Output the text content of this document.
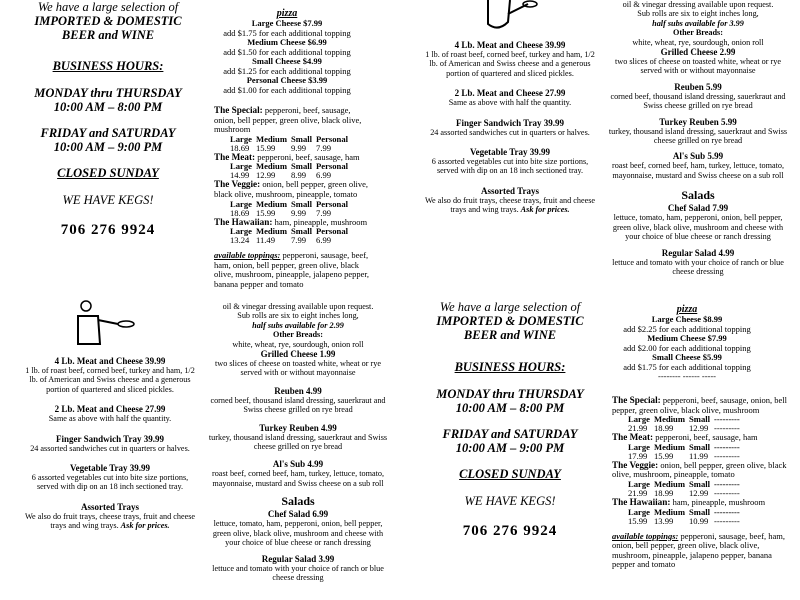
We have a large selection of
IMPORTED & DOMESTIC
BEER and WINE
BUSINESS HOURS:
MONDAY thru THURSDAY
10:00 AM – 8:00 PM
FRIDAY and SATURDAY
10:00 AM – 9:00 PM
CLOSED SUNDAY
WE HAVE KEGS!
706 276 9924
pizza
Large Cheese $7.99
add $1.75 for each additional topping
Medium Cheese $6.99
add $1.50 for each additional topping
Small Cheese $4.99
add $1.25 for each additional topping
Personal Cheese $3.99
add $1.00 for each additional topping
The Special: pepperoni, beef, sausage, onion, bell pepper, green olive, black olive, mushroom
Large	Medium	Small	Personal
18.69	15.99	9.99	7.99
The Meat: pepperoni, beef, sausage, ham
Large	Medium	Small	Personal
14.99	12.99	8.99	6.99
The Veggie: onion, bell pepper, green olive, black olive, mushroom, pineapple, tomato
Large	Medium	Small	Personal
18.69	15.99	9.99	7.99
The Hawaiian: ham, pineapple, mushroom
Large	Medium	Small	Personal
13.24	11.49	7.99	6.99
available toppings: pepperoni, sausage, beef, ham, onion, bell pepper, green olive, black olive, mushroom, pineapple, jalapeno pepper, banana pepper and tomato
4 Lb. Meat and Cheese 39.99
1 lb. of roast beef, corned beef, turkey and ham, 1/2 lb. of American and Swiss cheese and a generous portion of quartered and sliced pickles.
2 Lb. Meat and Cheese 27.99
Same as above with half the quantity.
Finger Sandwich Tray 39.99
24 assorted sandwiches cut in quarters or halves.
Vegetable Tray 39.99
6 assorted vegetables cut into bite size portions, served with dip on an 18 inch sectioned tray.
Assorted Trays
We also do fruit trays, cheese trays, fruit and cheese trays and wing trays. Ask for prices.
oil & vinegar dressing available upon request.
Sub rolls are six to eight inches long,
half subs available for 3.99
Other Breads:
white, wheat, rye, sourdough, onion roll
Grilled Cheese 2.99
two slices of cheese on toasted white, wheat or rye served with or without mayonnaise
Reuben 5.99
corned beef, thousand island dressing, sauerkraut and Swiss cheese grilled on rye bread
Turkey Reuben 5.99
turkey, thousand island dressing, sauerkraut and Swiss cheese grilled on rye bread
Al's Sub 5.99
roast beef, corned beef, ham, turkey, lettuce, tomato, mayonnaise, mustard and Swiss cheese on a sub roll
Salads
Chef Salad 7.99
lettuce, tomato, ham, pepperoni, onion, bell pepper, green olive, black olive, mushroom and cheese with your choice of blue cheese or ranch dressing
Regular Salad 4.99
lettuce and tomato with your choice of ranch or blue cheese dressing
4 Lb. Meat and Cheese 39.99
1 lb. of roast beef, corned beef, turkey and ham, 1/2 lb. of American and Swiss cheese and a generous portion of quartered and sliced pickles.
2 Lb. Meat and Cheese 27.99
Same as above with half the quantity.
Finger Sandwich Tray 39.99
24 assorted sandwiches cut in quarters or halves.
Vegetable Tray 39.99
6 assorted vegetables cut into bite size portions, served with dip on an 18 inch sectioned tray.
Assorted Trays
We also do fruit trays, cheese trays, fruit and cheese trays and wing trays. Ask for prices.
oil & vinegar dressing available upon request.
Sub rolls are six to eight inches long,
half subs available for 2.99
Other Breads:
white, wheat, rye, sourdough, onion roll
Grilled Cheese 1.99
two slices of cheese on toasted white, wheat or rye served with or without mayonnaise
Reuben 4.99
corned beef, thousand island dressing, sauerkraut and Swiss cheese grilled on rye bread
Turkey Reuben 4.99
turkey, thousand island dressing, sauerkraut and Swiss cheese grilled on rye bread
Al's Sub 4.99
roast beef, corned beef, ham, turkey, lettuce, tomato, mayonnaise, mustard and Swiss cheese on a sub roll
Salads
Chef Salad 6.99
lettuce, tomato, ham, pepperoni, onion, bell pepper, green olive, black olive, mushroom and cheese with your choice of blue cheese or ranch dressing
Regular Salad 3.99
lettuce and tomato with your choice of ranch or blue cheese dressing
We have a large selection of
IMPORTED & DOMESTIC
BEER and WINE
BUSINESS HOURS:
MONDAY thru THURSDAY
10:00 AM – 8:00 PM
FRIDAY and SATURDAY
10:00 AM – 9:00 PM
CLOSED SUNDAY
WE HAVE KEGS!
706 276 9924
pizza
Large Cheese $8.99
add $2.25 for each additional topping
Medium Cheese $7.99
add $2.00 for each additional topping
Small Cheese $5.99
add $1.75 for each additional topping
-------- ------ -----
The Special: pepperoni, beef, sausage, onion, bell pepper, green olive, black olive, mushroom
Large	Medium	Small	---------
21.99	18.99	12.99	---------
The Meat: pepperoni, beef, sausage, ham
Large	Medium	Small	---------
17.99	15.99	11.99	---------
The Veggie: onion, bell pepper, green olive, black olive, mushroom, pineapple, tomato
Large	Medium	Small	---------
21.99	18.99	12.99	---------
The Hawaiian: ham, pineapple, mushroom
Large	Medium	Small	---------
15.99	13.99	10.99	---------
available toppings: pepperoni, sausage, beef, ham, onion, bell pepper, green olive, black olive, mushroom, pineapple, jalapeno pepper, banana pepper and tomato
